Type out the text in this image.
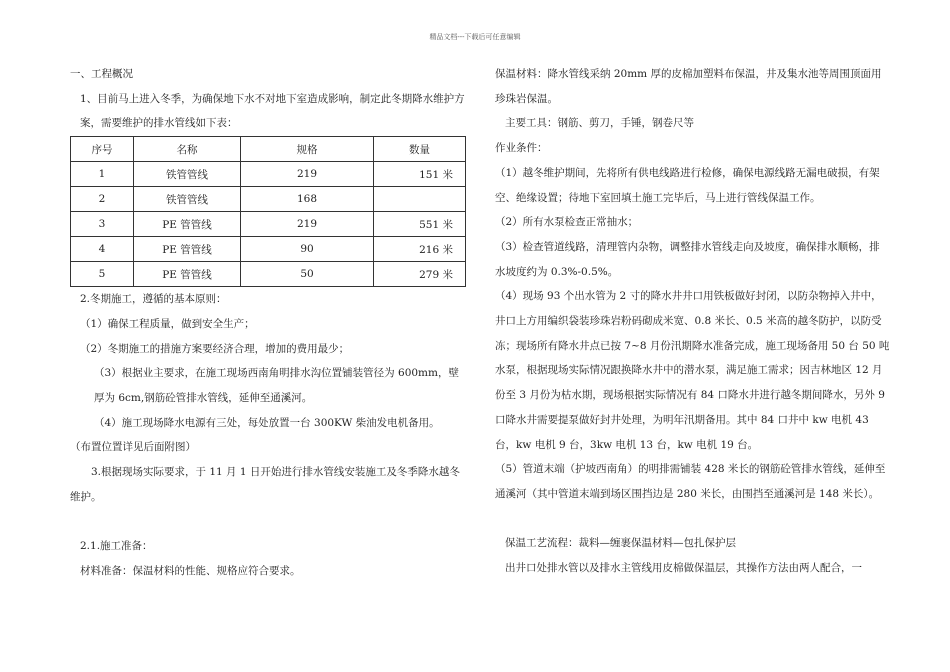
精品文档---下载后可任意编辑

一、工程概况

1、目前马上进入冬季，为确保地下水不对地下室造成影响，制定此冬期降水维护方案，需要维护的排水管线如下表：

序号	名称	规格	数量
1	铁管管线	219	151 米
2	铁管管线	168	
3	PE 管管线	219	551 米
4	PE 管管线	90	216 米
5	PE 管管线	50	279 米

2.冬期施工，遵循的基本原则：

（1）确保工程质量，做到安全生产；

（2）冬期施工的措施方案要经济合理，增加的费用最少；

（3）根据业主要求，在施工现场西南角明排水沟位置铺装管径为 600mm，壁厚为 6cm,钢筋砼管排水管线，延伸至通溪河。

（4）施工现场降水电源有三处，每处放置一台 300KW 柴油发电机备用。

（布置位置详见后面附图）

3.根据现场实际要求，于 11 月 1 日开始进行排水管线安装施工及冬季降水越冬维护。

2.1.施工准备：

材料准备：保温材料的性能、规格应符合要求。

保温材料：降水管线采纳 20mm 厚的皮棉加塑料布保温，井及集水池等周围顶面用珍珠岩保温。

主要工具：钢筋、剪刀，手锤，钢卷尺等

作业条件：

（1）越冬维护期间，先将所有供电线路进行检修，确保电源线路无漏电破损，有架空、绝缘设置；待地下室回填土施工完毕后，马上进行管线保温工作。

（2）所有水泵检查正常抽水；

（3）检查管道线路，清理管内杂物，调整排水管线走向及坡度，确保排水顺畅，排水坡度约为 0.3%-0.5%。

（4）现场 93 个出水管为 2 寸的降水井井口用铁板做好封闭，以防杂物掉入井中，井口上方用编织袋装珍珠岩粉码砌成米宽、0.8 米长、0.5 米高的越冬防护，以防受冻；现场所有降水井点已按 7~8 月份汛期降水准备完成，施工现场备用 50 台 50 吨水泵，根据现场实际情况跟换降水井中的潜水泵，满足施工需求；因吉林地区 12 月份至 3 月份为枯水期，现场根据实际情况有 84 口降水井进行越冬期间降水，另外 9 口降水井需要提泵做好封井处理，为明年汛期备用。其中 84 口井中 kw 电机 43 台，kw 电机 9 台，3kw 电机 13 台，kw 电机 19 台。

（5）管道末端（护坡西南角）的明排需铺装 428 米长的钢筋砼管排水管线，延伸至通溪河（其中管道末端到场区围挡边是 280 米长，由围挡至通溪河是 148 米长）。

保温工艺流程：裁料—缠裹保温材料—包扎保护层

出井口处排水管以及排水主管线用皮棉做保温层，其操作方法由两人配合，一
